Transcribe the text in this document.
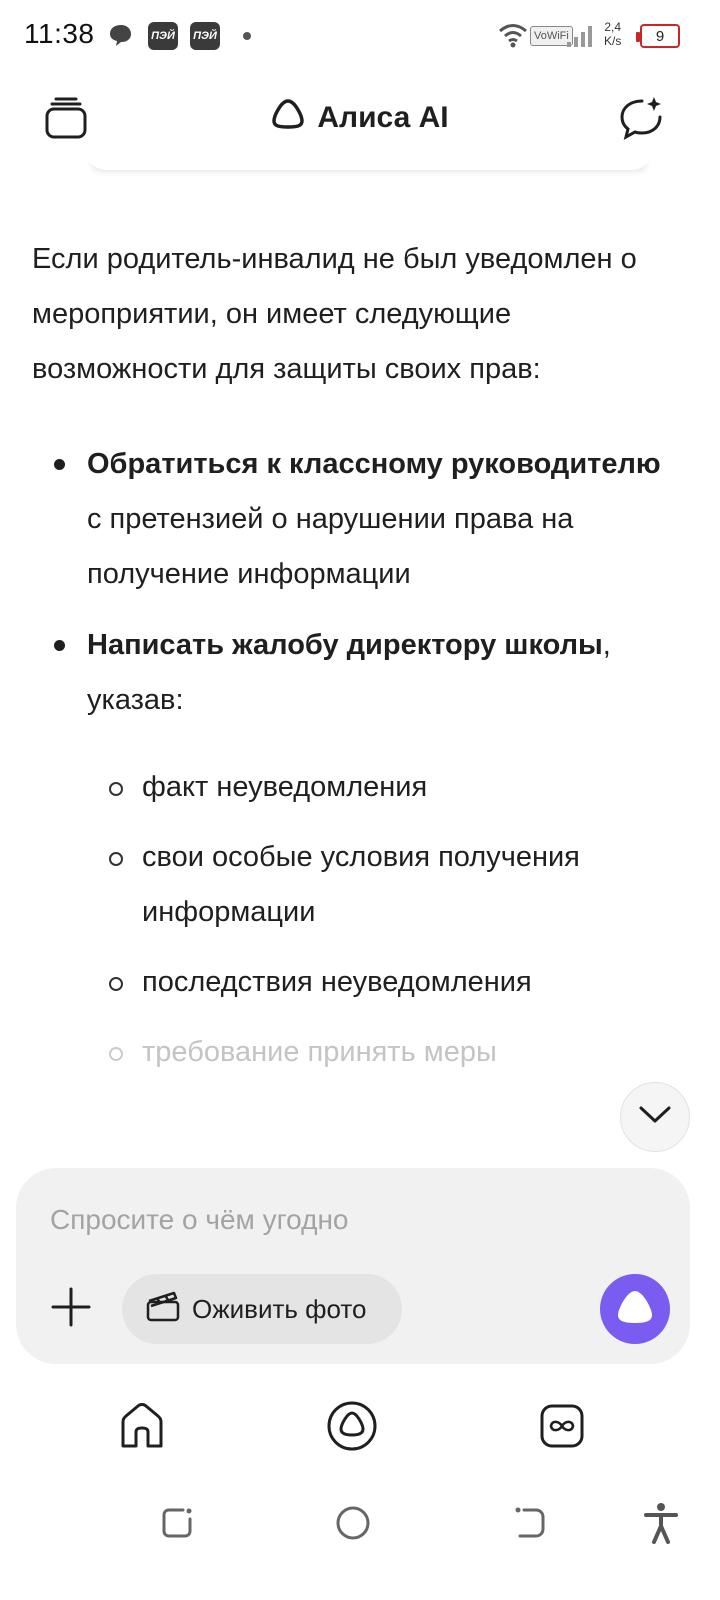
11:38	ПЭЙ ПЭЙ	VoWiFi
2,4
K/s 9
Алиса AI

Если родитель-инвалид не был уведомлен о мероприятии, он имеет следующие возможности для защиты своих прав:

Обратиться к классному руководителю с претензией о нарушении права на получение информации
Написать жалобу директору школы, указав:
факт неуведомления
свои особые условия получения информации
последствия неуведомления
требование принять меры
Спросите о чём угодно
Оживить фото
